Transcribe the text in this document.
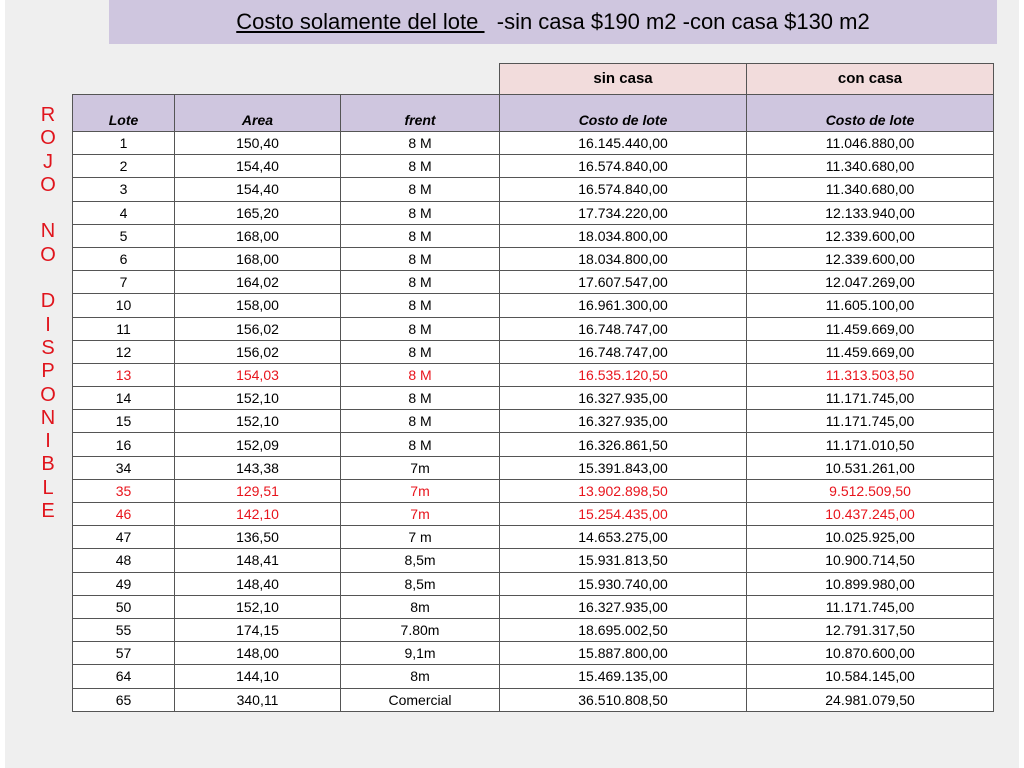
Costo solamente del lote -sin casa $190 m2 -con casa $130 m2
R
O
J
O
N
O
D
I
S
P
O
N
I
B
L
E
			sin casa	con casa
Lote	Area	frent	Costo de lote	Costo de lote
1	150,40	8 M	16.145.440,00	11.046.880,00
2	154,40	8 M	16.574.840,00	11.340.680,00
3	154,40	8 M	16.574.840,00	11.340.680,00
4	165,20	8 M	17.734.220,00	12.133.940,00
5	168,00	8 M	18.034.800,00	12.339.600,00
6	168,00	8 M	18.034.800,00	12.339.600,00
7	164,02	8 M	17.607.547,00	12.047.269,00
10	158,00	8 M	16.961.300,00	11.605.100,00
11	156,02	8 M	16.748.747,00	11.459.669,00
12	156,02	8 M	16.748.747,00	11.459.669,00
13	154,03	8 M	16.535.120,50	11.313.503,50
14	152,10	8 M	16.327.935,00	11.171.745,00
15	152,10	8 M	16.327.935,00	11.171.745,00
16	152,09	8 M	16.326.861,50	11.171.010,50
34	143,38	7m	15.391.843,00	10.531.261,00
35	129,51	7m	13.902.898,50	9.512.509,50
46	142,10	7m	15.254.435,00	10.437.245,00
47	136,50	7 m	14.653.275,00	10.025.925,00
48	148,41	8,5m	15.931.813,50	10.900.714,50
49	148,40	8,5m	15.930.740,00	10.899.980,00
50	152,10	8m	16.327.935,00	11.171.745,00
55	174,15	7.80m	18.695.002,50	12.791.317,50
57	148,00	9,1m	15.887.800,00	10.870.600,00
64	144,10	8m	15.469.135,00	10.584.145,00
65	340,11	Comercial	36.510.808,50	24.981.079,50
